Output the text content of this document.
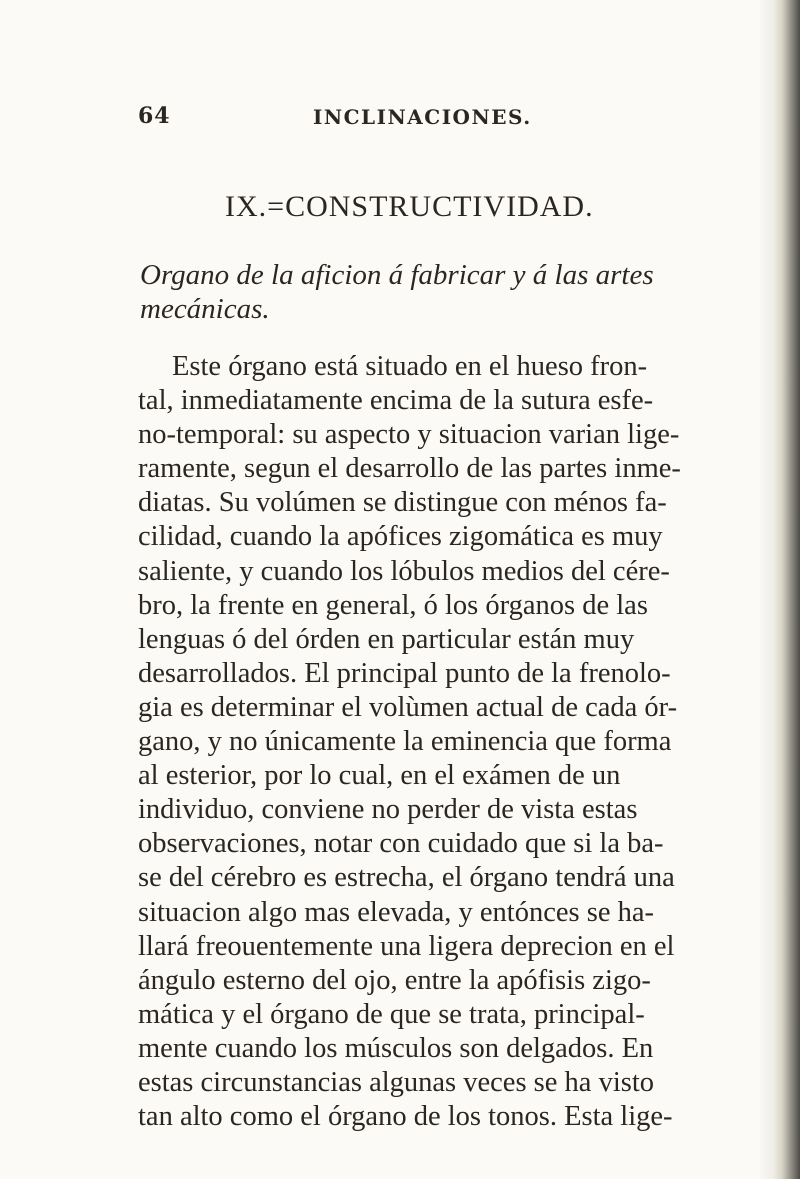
64	INCLINACIONES.
IX.=CONSTRUCTIVIDAD.
Organo de la aficion á fabricar y á las artes
mecánicas.
Este órgano está situado en el hueso fron-
tal, inmediatamente encima de la sutura esfe-
no-temporal: su aspecto y situacion varian lige-
ramente, segun el desarrollo de las partes inme-
diatas. Su volúmen se distingue con ménos fa-
cilidad, cuando la apófices zigomática es muy
saliente, y cuando los lóbulos medios del cére-
bro, la frente en general, ó los órganos de las
lenguas ó del órden en particular están muy
desarrollados. El principal punto de la frenolo-
gia es determinar el volùmen actual de cada ór-
gano, y no únicamente la eminencia que forma
al esterior, por lo cual, en el exámen de un
individuo, conviene no perder de vista estas
observaciones, notar con cuidado que si la ba-
se del cérebro es estrecha, el órgano tendrá una
situacion algo mas elevada, y entónces se ha-
llará freouentemente una ligera deprecion en el
ángulo esterno del ojo, entre la apófisis zigo-
mática y el órgano de que se trata, principal-
mente cuando los músculos son delgados. En
estas circunstancias algunas veces se ha visto
tan alto como el órgano de los tonos. Esta lige-
